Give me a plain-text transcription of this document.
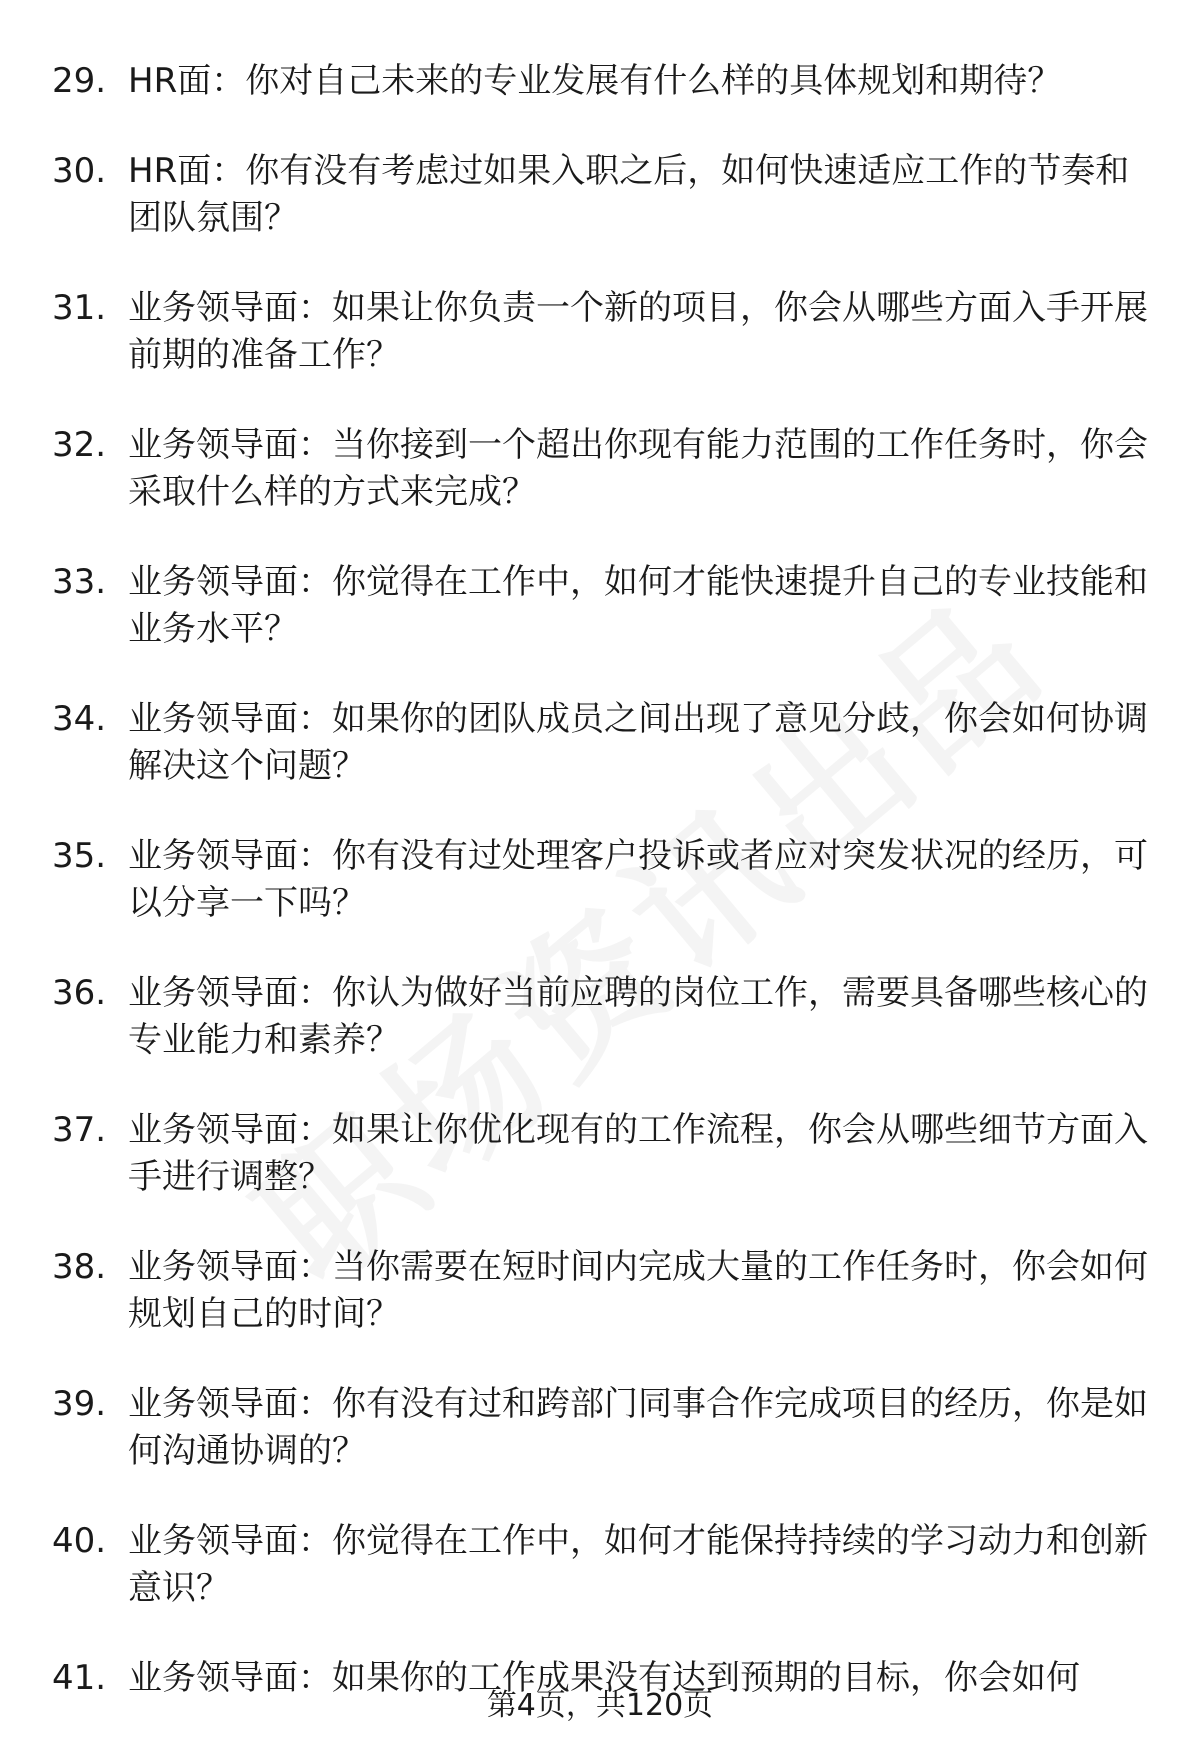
29. HR面：你对自己未来的专业发展有什么样的具体规划和期待？
30. HR面：你有没有考虑过如果入职之后，如何快速适应工作的节奏和团队氛围？
31. 业务领导面：如果让你负责一个新的项目，你会从哪些方面入手开展前期的准备工作？
32. 业务领导面：当你接到一个超出你现有能力范围的工作任务时，你会采取什么样的方式来完成？
33. 业务领导面：你觉得在工作中，如何才能快速提升自己的专业技能和业务水平？
34. 业务领导面：如果你的团队成员之间出现了意见分歧，你会如何协调解决这个问题？
35. 业务领导面：你有没有过处理客户投诉或者应对突发状况的经历，可以分享一下吗？
36. 业务领导面：你认为做好当前应聘的岗位工作，需要具备哪些核心的专业能力和素养？
37. 业务领导面：如果让你优化现有的工作流程，你会从哪些细节方面入手进行调整？
38. 业务领导面：当你需要在短时间内完成大量的工作任务时，你会如何规划自己的时间？
39. 业务领导面：你有没有过和跨部门同事合作完成项目的经历，你是如何沟通协调的？
40. 业务领导面：你觉得在工作中，如何才能保持持续的学习动力和创新意识？
41. 业务领导面：如果你的工作成果没有达到预期的目标，你会如何
第4页，共120页
